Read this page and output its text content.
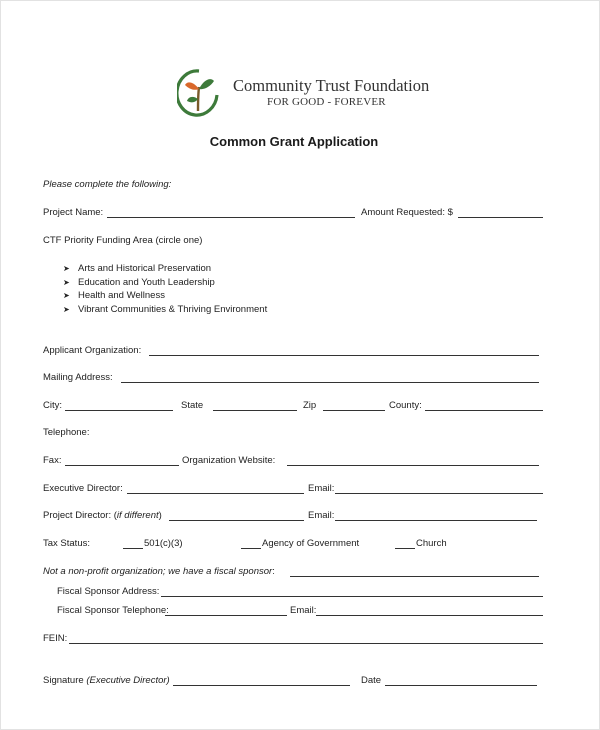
Community Trust Foundation
FOR GOOD - FOREVER
Common Grant Application
Please complete the following:
Project Name:	Amount Requested: $
CTF Priority Funding Area (circle one)
➤ Arts and Historical Preservation
➤ Education and Youth Leadership
➤ Health and Wellness
➤ Vibrant Communities & Thriving Environment
Applicant Organization:
Mailing Address:
City:	State	Zip	County:
Telephone:
Fax:	Organization Website:
Executive Director:	Email:
Project Director: (if different)	Email:
Tax Status:	501(c)(3)	Agency of Government	Church
Not a non-profit organization; we have a fiscal sponsor:
Fiscal Sponsor Address:
Fiscal Sponsor Telephone:	Email:
FEIN:
Signature (Executive Director)	Date
